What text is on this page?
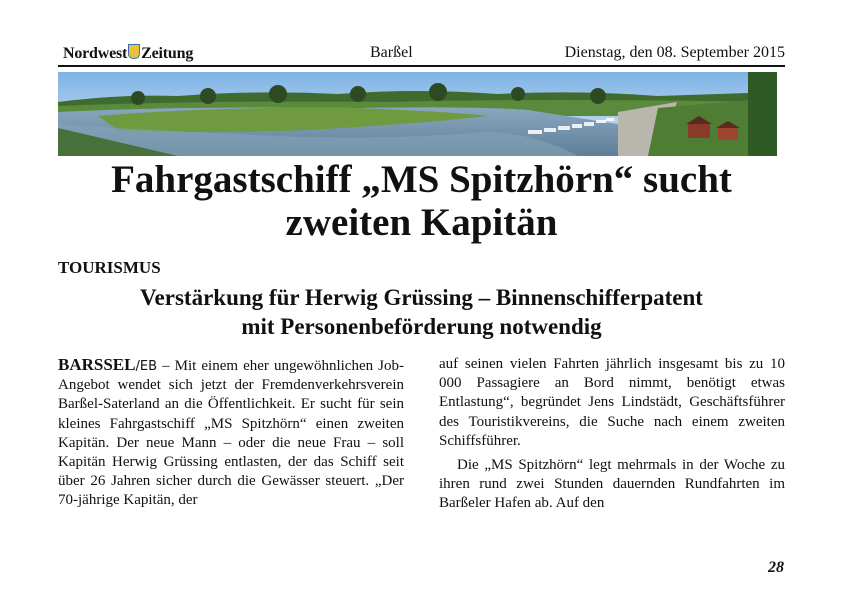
Nordwest Zeitung	Barßel	Dienstag, den 08. September 2015
Fahrgastschiff „MS Spitzhörn“ sucht
zweiten Kapitän
TOURISMUS
Verstärkung für Herwig Grüssing – Binnenschifferpatent
mit Personenbeförderung notwendig

BARSSEL/EB – Mit einem eher ungewöhnlichen Job-Angebot wendet sich jetzt der Fremdenverkehrsverein Barßel-Saterland an die Öffentlichkeit. Er sucht für sein kleines Fahrgastschiff „MS Spitzhörn“ einen zweiten Kapitän. Der neue Mann – oder die neue Frau – soll Kapitän Herwig Grüssing entlasten, der das Schiff seit über 26 Jahren sicher durch die Gewässer steuert. „Der 70-jährige Kapitän, der

auf seinen vielen Fahrten jährlich insgesamt bis zu 10 000 Passagiere an Bord nimmt, benötigt etwas Entlastung“, begründet Jens Lindstädt, Geschäftsführer des Touristikvereins, die Suche nach einem zweiten Schiffsführer.

Die „MS Spitzhörn“ legt mehrmals in der Woche zu ihren rund zwei Stunden dauernden Rundfahrten im Barßeler Hafen ab. Auf den

28
